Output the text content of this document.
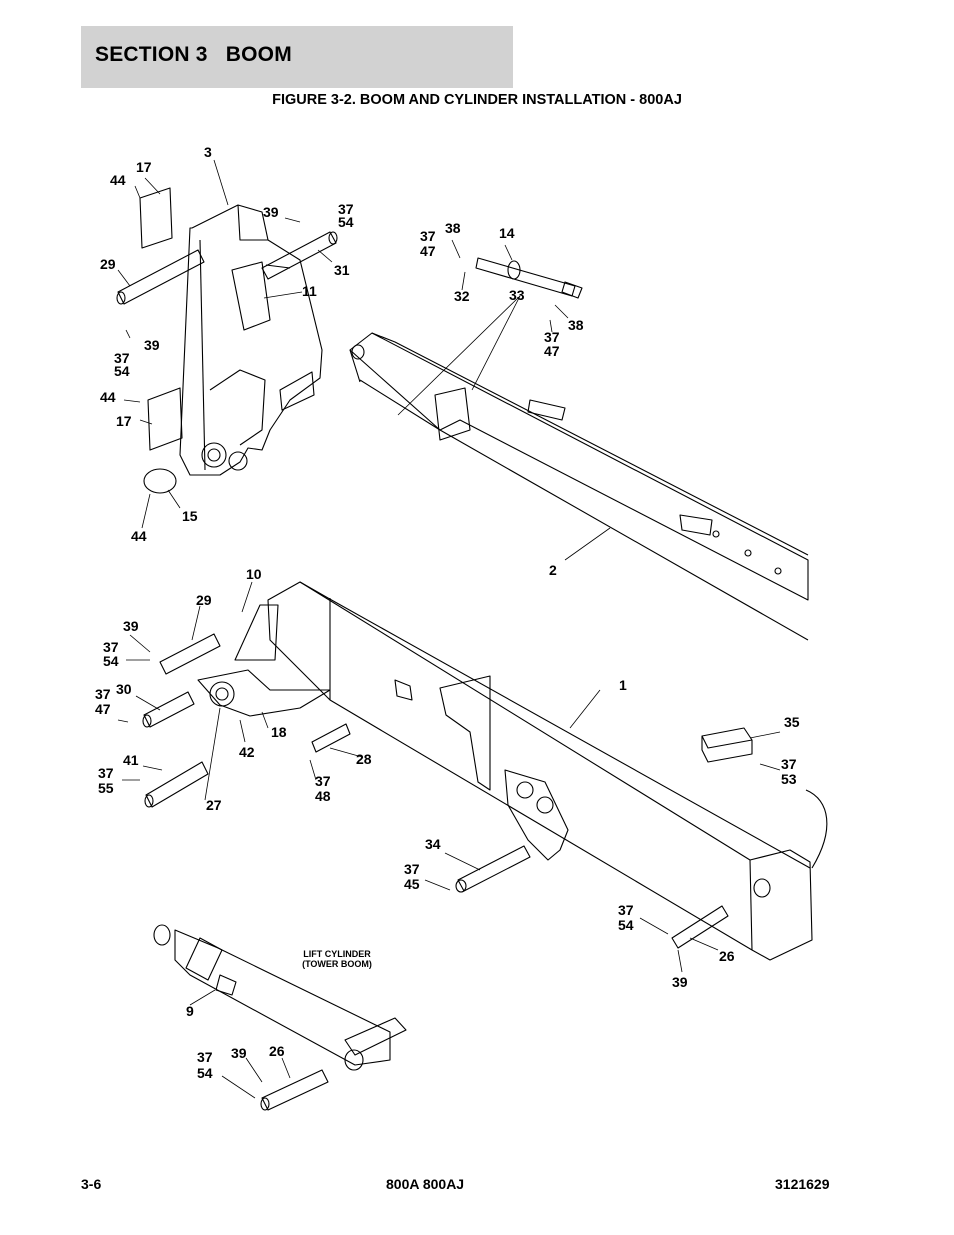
SECTION 3   BOOM
FIGURE 3-2. BOOM AND CYLINDER INSTALLATION - 800AJ
3
17
44
39	37
54
29	31
11
39
37
54
44
17
15
44
37
47
38	14
32	33
38
37
47
2
10
29
39
37
54
37 30
47
18
42	28
37
48
41
37
55
27
1
35
37
53
34
37
45
37
54
26
39
9
37
54
39 26
LIFT CYLINDER
(TOWER BOOM)
3-6	800A 800AJ	3121629
